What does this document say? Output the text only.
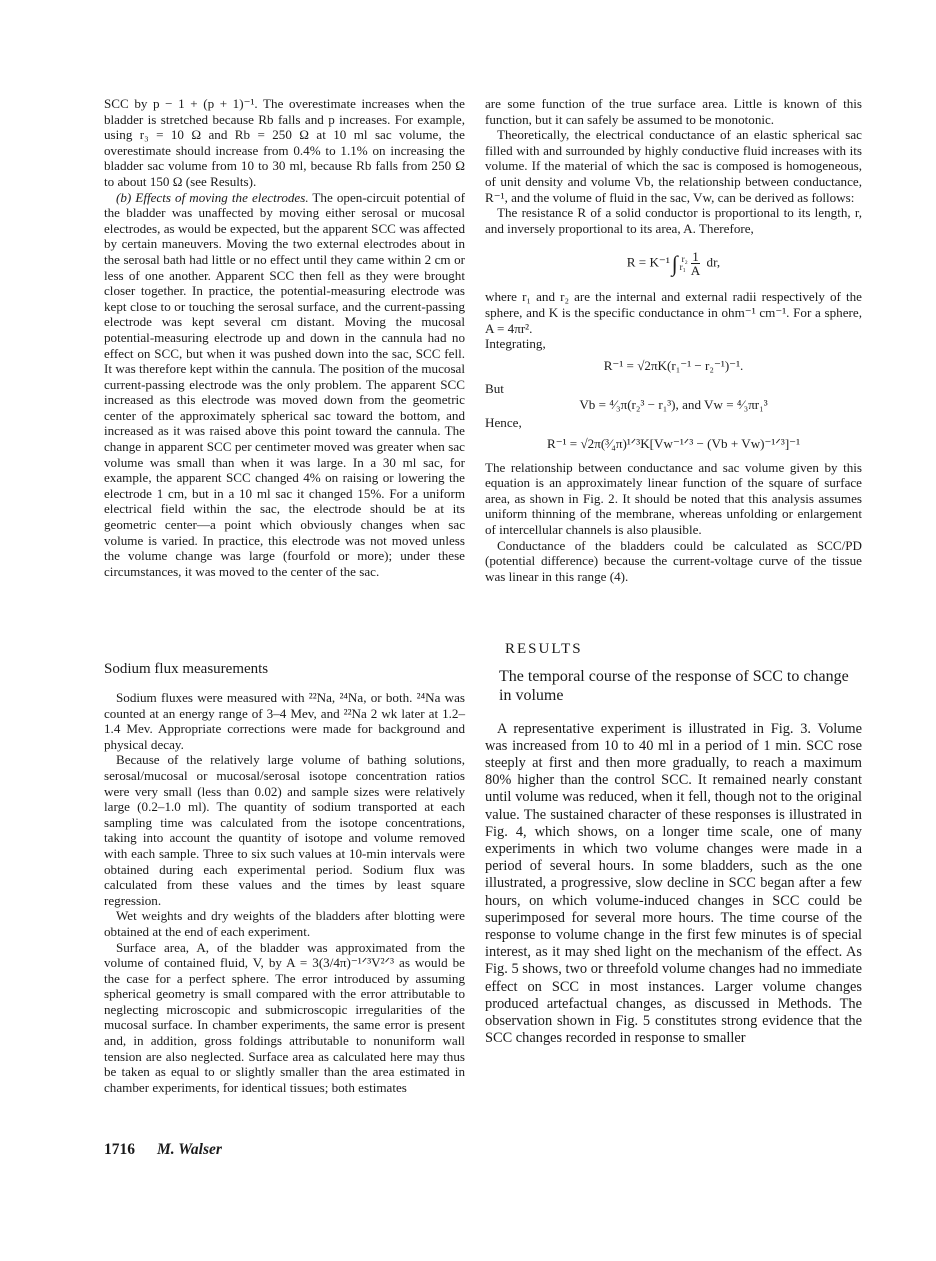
SCC by p − 1 + (p + 1)⁻¹. The overestimate increases when the bladder is stretched because Rb falls and p increases. For example, using r₃ = 10 Ω and Rb = 250 Ω at 10 ml sac volume, the overestimate should increase from 0.4% to 1.1% on increasing the bladder sac volume from 10 to 30 ml, because Rb falls from 250 Ω to about 150 Ω (see Results).

(b) Effects of moving the electrodes. The open-circuit potential of the bladder was unaffected by moving either serosal or mucosal electrodes, as would be expected, but the apparent SCC was affected by certain maneuvers. Moving the two external electrodes about in the serosal bath had little or no effect until they came within 2 cm or less of one another. Apparent SCC then fell as they were brought closer together. In practice, the potential-measuring electrode was kept close to or touching the serosal surface, and the current-passing electrode was kept several cm distant. Moving the mucosal potential-measuring electrode up and down in the cannula had no effect on SCC, but when it was pushed down into the sac, SCC fell. It was therefore kept within the cannula. The position of the mucosal current-passing electrode was the only problem. The apparent SCC increased as this electrode was moved down from the geometric center of the approximately spherical sac toward the bottom, and increased as it was raised above this point toward the cannula. The change in apparent SCC per centimeter moved was greater when sac volume was small than when it was large. In a 30 ml sac, for example, the apparent SCC changed 4% on raising or lowering the electrode 1 cm, but in a 10 ml sac it changed 15%. For a uniform electrical field within the sac, the electrode should be at its geometric center—a point which obviously changes when sac volume is varied. In practice, this electrode was not moved unless the volume change was large (fourfold or more); under these circumstances, it was moved to the center of the sac.

Sodium flux measurements

Sodium fluxes were measured with ²²Na, ²⁴Na, or both. ²⁴Na was counted at an energy range of 3–4 Mev, and ²²Na 2 wk later at 1.2–1.4 Mev. Appropriate corrections were made for background and physical decay.

Because of the relatively large volume of bathing solutions, serosal/mucosal or mucosal/serosal isotope concentration ratios were very small (less than 0.02) and sample sizes were relatively large (0.2–1.0 ml). The quantity of sodium transported at each sampling time was calculated from the isotope concentrations, taking into account the quantity of isotope and volume removed with each sample. Three to six such values at 10-min intervals were obtained during each experimental period. Sodium flux was calculated from these values and the times by least square regression.

Wet weights and dry weights of the bladders after blotting were obtained at the end of each experiment.

Surface area, A, of the bladder was approximated from the volume of contained fluid, V, by A = 3(3/4π)⁻¹ᐟ³V²ᐟ³ as would be the case for a perfect sphere. The error introduced by assuming spherical geometry is small compared with the error attributable to neglecting microscopic and submicroscopic irregularities of the mucosal surface. In chamber experiments, the same error is present and, in addition, gross foldings attributable to nonuniform wall tension are also neglected. Surface area as calculated here may thus be taken as equal to or slightly smaller than the area estimated in chamber experiments, for identical tissues; both estimates

are some function of the true surface area. Little is known of this function, but it can safely be assumed to be monotonic.

Theoretically, the electrical conductance of an elastic spherical sac filled with and surrounded by highly conductive fluid increases with its volume. If the material of which the sac is composed is homogeneous, of unit density and volume Vb, the relationship between conductance, R⁻¹, and the volume of fluid in the sac, Vw, can be derived as follows:

The resistance R of a solid conductor is proportional to its length, r, and inversely proportional to its area, A. Therefore,

R = K⁻¹∫ r₂
$r_1 \frac{1}{A}$ dr,

where r₁ and r₂ are the internal and external radii respectively of the sphere, and K is the specific conductance in ohm⁻¹ cm⁻¹. For a sphere, A = 4πr².

Integrating,

R⁻¹ = √2πK(r₁⁻¹ − r₂⁻¹)⁻¹.

But

Vb = ⁴⁄₃π(r₂³ − r₁³), and Vw = ⁴⁄₃πr₁³

Hence,

R⁻¹ = √2π(³⁄₄π)¹ᐟ³K[Vw⁻¹ᐟ³ − (Vb + Vw)⁻¹ᐟ³]⁻¹

The relationship between conductance and sac volume given by this equation is an approximately linear function of the square of surface area, as shown in Fig. 2. It should be noted that this analysis assumes uniform thinning of the membrane, whereas unfolding or enlargement of intercellular channels is also plausible.

Conductance of the bladders could be calculated as SCC/PD (potential difference) because the current-voltage curve of the tissue was linear in this range (4).

RESULTS
The temporal course of the response of SCC to change in volume

A representative experiment is illustrated in Fig. 3. Volume was increased from 10 to 40 ml in a period of 1 min. SCC rose steeply at first and then more gradually, to reach a maximum 80% higher than the control SCC. It remained nearly constant until volume was reduced, when it fell, though not to the original value. The sustained character of these responses is illustrated in Fig. 4, which shows, on a longer time scale, one of many experiments in which two volume changes were made in a period of several hours. In some bladders, such as the one illustrated, a progressive, slow decline in SCC began after a few hours, on which volume-induced changes in SCC could be superimposed for several more hours. The time course of the response to volume change in the first few minutes is of special interest, as it may shed light on the mechanism of the effect. As Fig. 5 shows, two or threefold volume changes had no immediate effect on SCC in most instances. Larger volume changes produced artefactual changes, as discussed in Methods. The observation shown in Fig. 5 constitutes strong evidence that the SCC changes recorded in response to smaller

1716 M. Walser
